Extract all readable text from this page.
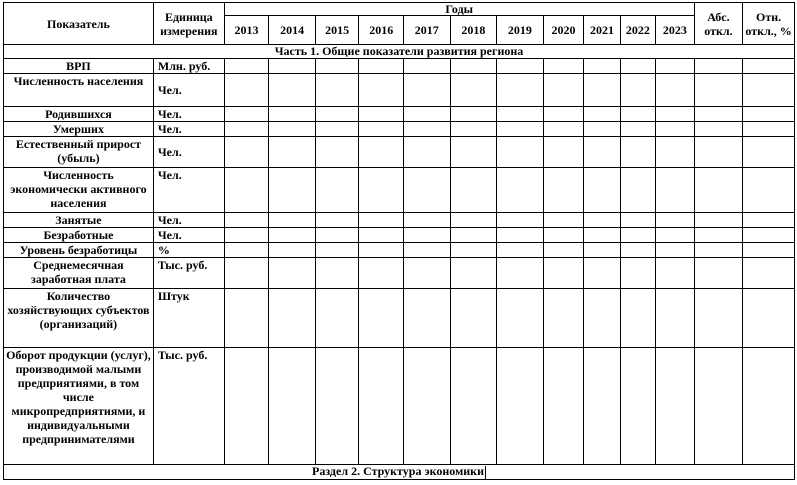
Показатель	Единица измерения	Годы											Абс. откл.	Отн. откл., %
		2013	2014	2015	2016	2017	2018	2019	2020	2021	2022	2023		
Часть 1. Общие показатели развития региона														
ВРП	Млн. руб.													
Численность населения	Чел.													
Родившихся	Чел.													
Умерших	Чел.													
Естественный прирост (убыль)	Чел.													
Численность экономически активного населения	Чел.													
Занятые	Чел.													
Безработные	Чел.													
Уровень безработицы	%													
Среднемесячная заработная плата	Тыс. руб.													
Количество хозяйствующих субъектов (организаций)	Штук													
Оборот продукции (услуг), производимой малыми предприятиями, в том числе микропредприятиями, и индивидуальными предпринимателями	Тыс. руб.													
Раздел 2. Структура экономики														
